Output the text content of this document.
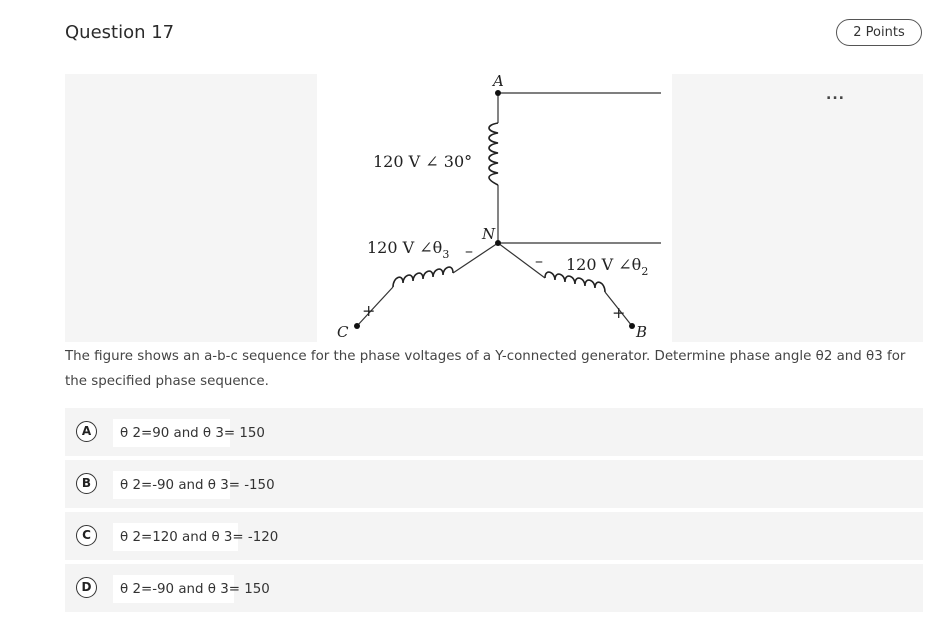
Question 17	2 Points
A
N
C	B
120 V ∠ 30°
120 V $\angle\theta_3$
120 V $\angle\theta_2$
+
–
–
+
...
The figure shows an a-b-c sequence for the phase voltages of a Y-connected generator. Determine phase angle θ2 and θ3 for the specified phase sequence.
A	θ 2=90 and θ 3= 150
B	θ 2=-90 and θ 3= -150
C	θ 2=120 and θ 3= -120
D	θ 2=-90 and θ 3= 150
